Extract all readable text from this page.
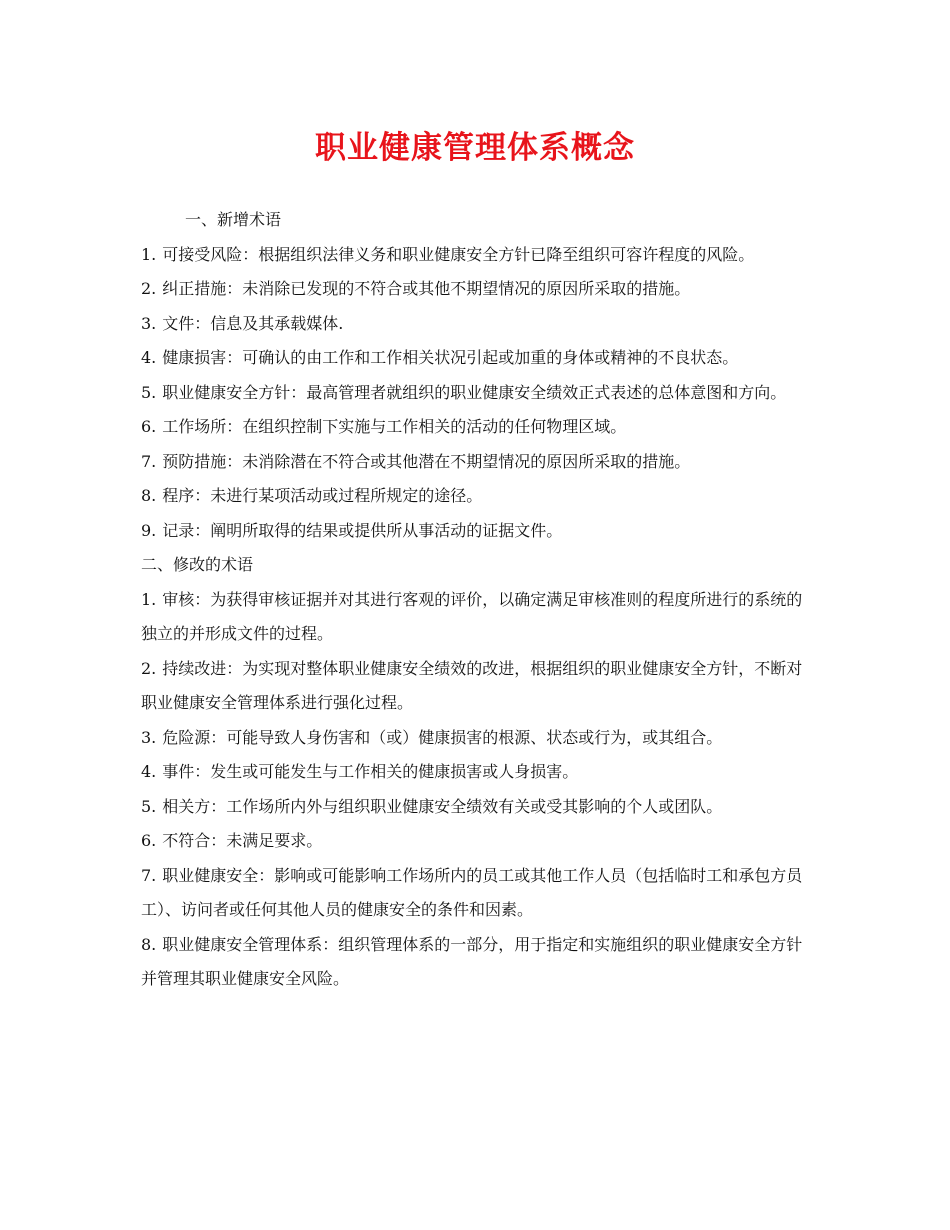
职业健康管理体系概念

一、新增术语

1. 可接受风险：根据组织法律义务和职业健康安全方针已降至组织可容许程度的风险。

2. 纠正措施：未消除已发现的不符合或其他不期望情况的原因所采取的措施。

3. 文件：信息及其承载媒体.

4. 健康损害：可确认的由工作和工作相关状况引起或加重的身体或精神的不良状态。

5. 职业健康安全方针：最高管理者就组织的职业健康安全绩效正式表述的总体意图和方向。

6. 工作场所：在组织控制下实施与工作相关的活动的任何物理区域。

7. 预防措施：未消除潜在不符合或其他潜在不期望情况的原因所采取的措施。

8. 程序：未进行某项活动或过程所规定的途径。

9. 记录：阐明所取得的结果或提供所从事活动的证据文件。

二、修改的术语

1. 审核：为获得审核证据并对其进行客观的评价，以确定满足审核准则的程度所进行的系统的独立的并形成文件的过程。

2. 持续改进：为实现对整体职业健康安全绩效的改进，根据组织的职业健康安全方针，不断对职业健康安全管理体系进行强化过程。

3. 危险源：可能导致人身伤害和（或）健康损害的根源、状态或行为，或其组合。

4. 事件：发生或可能发生与工作相关的健康损害或人身损害。

5. 相关方：工作场所内外与组织职业健康安全绩效有关或受其影响的个人或团队。

6. 不符合：未满足要求。

7. 职业健康安全：影响或可能影响工作场所内的员工或其他工作人员（包括临时工和承包方员工）、访问者或任何其他人员的健康安全的条件和因素。

8. 职业健康安全管理体系：组织管理体系的一部分，用于指定和实施组织的职业健康安全方针并管理其职业健康安全风险。
